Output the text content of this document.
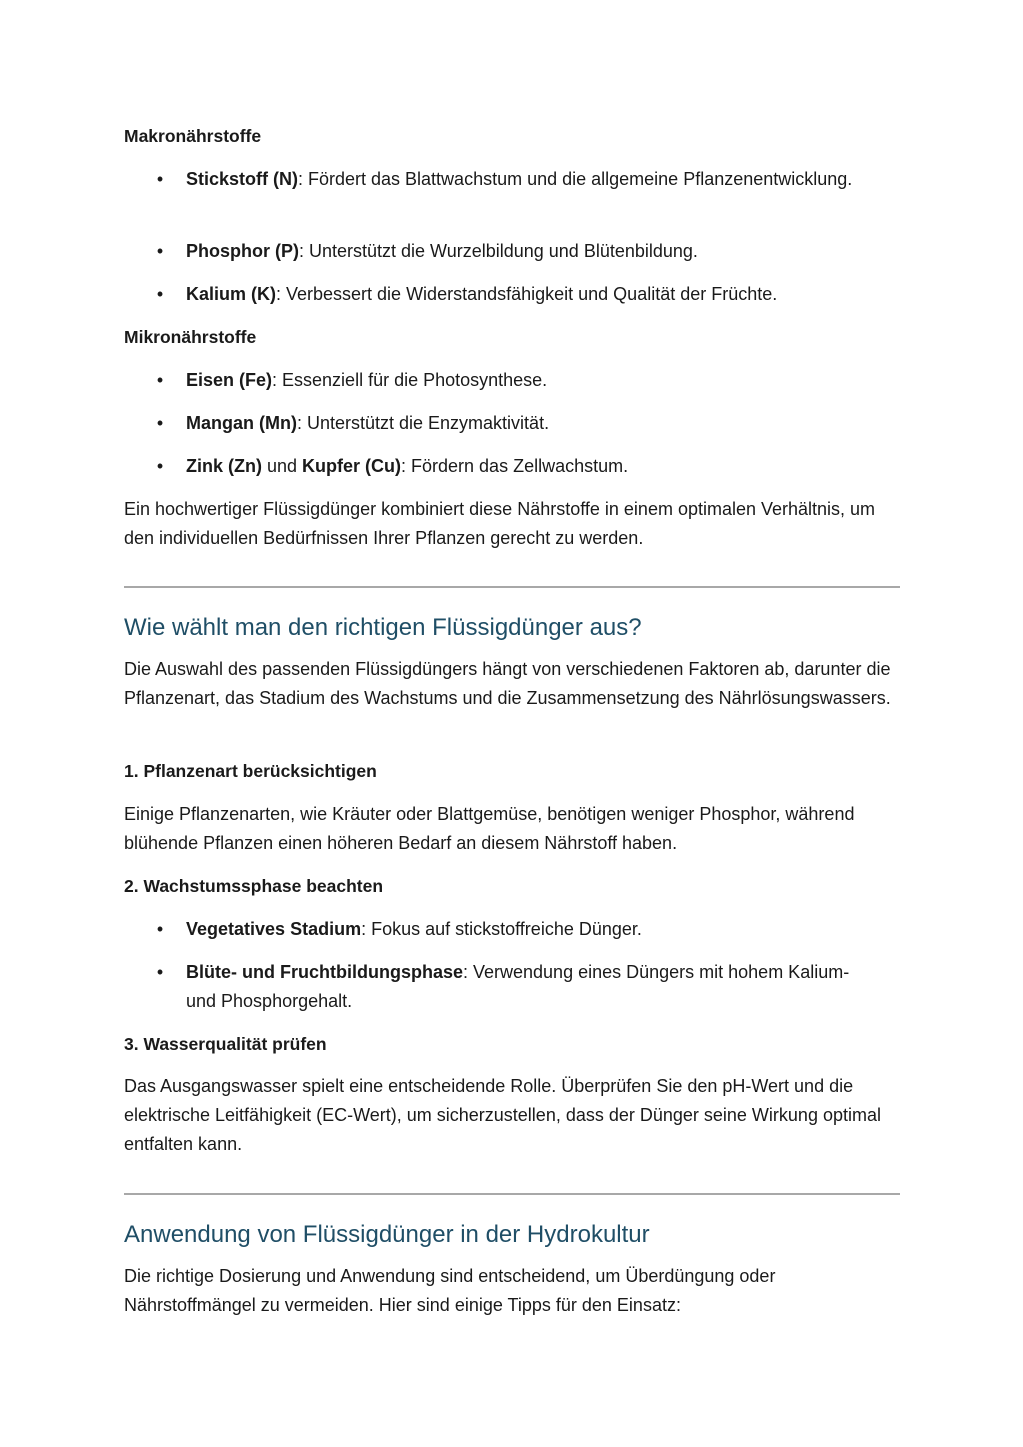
Makronährstoffe

• Stickstoff (N): Fördert das Blattwachstum und die allgemeine Pflanzenentwicklung.
• Phosphor (P): Unterstützt die Wurzelbildung und Blütenbildung.
• Kalium (K): Verbessert die Widerstandsfähigkeit und Qualität der Früchte.

Mikronährstoffe

• Eisen (Fe): Essenziell für die Photosynthese.
• Mangan (Mn): Unterstützt die Enzymaktivität.
• Zink (Zn) und Kupfer (Cu): Fördern das Zellwachstum.

Ein hochwertiger Flüssigdünger kombiniert diese Nährstoffe in einem optimalen Verhältnis, um den individuellen Bedürfnissen Ihrer Pflanzen gerecht zu werden.

Wie wählt man den richtigen Flüssigdünger aus?

Die Auswahl des passenden Flüssigdüngers hängt von verschiedenen Faktoren ab, darunter die Pflanzenart, das Stadium des Wachstums und die Zusammensetzung des Nährlösungswassers.

1. Pflanzenart berücksichtigen

Einige Pflanzenarten, wie Kräuter oder Blattgemüse, benötigen weniger Phosphor, während blühende Pflanzen einen höheren Bedarf an diesem Nährstoff haben.

2. Wachstumssphase beachten

• Vegetatives Stadium: Fokus auf stickstoffreiche Dünger.
• Blüte- und Fruchtbildungsphase: Verwendung eines Düngers mit hohem Kalium- und Phosphorgehalt.

3. Wasserqualität prüfen

Das Ausgangswasser spielt eine entscheidende Rolle. Überprüfen Sie den pH-Wert und die elektrische Leitfähigkeit (EC-Wert), um sicherzustellen, dass der Dünger seine Wirkung optimal entfalten kann.

Anwendung von Flüssigdünger in der Hydrokultur

Die richtige Dosierung und Anwendung sind entscheidend, um Überdüngung oder Nährstoffmängel zu vermeiden. Hier sind einige Tipps für den Einsatz:
